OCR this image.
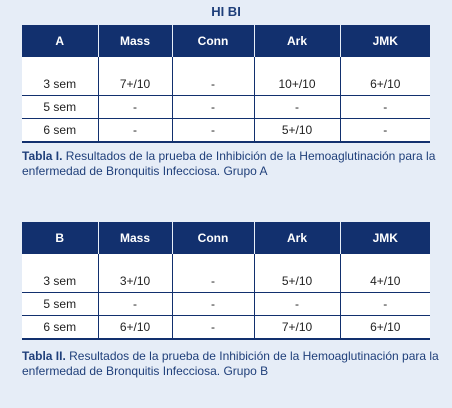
HI BI
A	Mass	Conn	Ark	JMK

3 sem	7+/10	-	10+/10	6+/10
5 sem	-	-	-	-
6 sem	-	-	5+/10	-
Tabla I. Resultados de la prueba de Inhibición de la Hemoaglutinación para la enfermedad de Bronquitis Infecciosa. Grupo A
B	Mass	Conn	Ark	JMK

3 sem	3+/10	-	5+/10	4+/10
5 sem	-	-	-	-
6 sem	6+/10	-	7+/10	6+/10
Tabla II. Resultados de la prueba de Inhibición de la Hemoaglutinación para la enfermedad de Bronquitis Infecciosa. Grupo B
